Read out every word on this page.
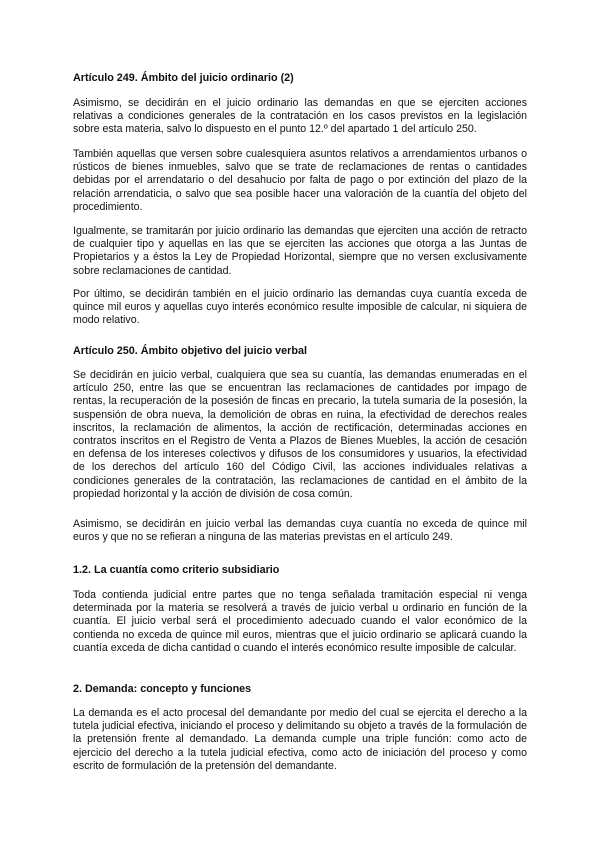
Artículo 249. Ámbito del juicio ordinario (2)

Asimismo, se decidirán en el juicio ordinario las demandas en que se ejerciten acciones relativas a condiciones generales de la contratación en los casos previstos en la legislación sobre esta materia, salvo lo dispuesto en el punto 12.º del apartado 1 del artículo 250.

También aquellas que versen sobre cualesquiera asuntos relativos a arrendamientos urbanos o rústicos de bienes inmuebles, salvo que se trate de reclamaciones de rentas o cantidades debidas por el arrendatario o del desahucio por falta de pago o por extinción del plazo de la relación arrendaticia, o salvo que sea posible hacer una valoración de la cuantía del objeto del procedimiento.

Igualmente, se tramitarán por juicio ordinario las demandas que ejerciten una acción de retracto de cualquier tipo y aquellas en las que se ejerciten las acciones que otorga a las Juntas de Propietarios y a éstos la Ley de Propiedad Horizontal, siempre que no versen exclusivamente sobre reclamaciones de cantidad.

Por último, se decidirán también en el juicio ordinario las demandas cuya cuantía exceda de quince mil euros y aquellas cuyo interés económico resulte imposible de calcular, ni siquiera de modo relativo.

Artículo 250. Ámbito objetivo del juicio verbal

Se decidirán en juicio verbal, cualquiera que sea su cuantía, las demandas enumeradas en el artículo 250, entre las que se encuentran las reclamaciones de cantidades por impago de rentas, la recuperación de la posesión de fincas en precario, la tutela sumaria de la posesión, la suspensión de obra nueva, la demolición de obras en ruina, la efectividad de derechos reales inscritos, la reclamación de alimentos, la acción de rectificación, determinadas acciones en contratos inscritos en el Registro de Venta a Plazos de Bienes Muebles, la acción de cesación en defensa de los intereses colectivos y difusos de los consumidores y usuarios, la efectividad de los derechos del artículo 160 del Código Civil, las acciones individuales relativas a condiciones generales de la contratación, las reclamaciones de cantidad en el ámbito de la propiedad horizontal y la acción de división de cosa común.

Asimismo, se decidirán en juicio verbal las demandas cuya cuantía no exceda de quince mil euros y que no se refieran a ninguna de las materias previstas en el artículo 249.

1.2. La cuantía como criterio subsidiario

Toda contienda judicial entre partes que no tenga señalada tramitación especial ni venga determinada por la materia se resolverá a través de juicio verbal u ordinario en función de la cuantía. El juicio verbal será el procedimiento adecuado cuando el valor económico de la contienda no exceda de quince mil euros, mientras que el juicio ordinario se aplicará cuando la cuantía exceda de dicha cantidad o cuando el interés económico resulte imposible de calcular.

2. Demanda: concepto y funciones

La demanda es el acto procesal del demandante por medio del cual se ejercita el derecho a la tutela judicial efectiva, iniciando el proceso y delimitando su objeto a través de la formulación de la pretensión frente al demandado. La demanda cumple una triple función: como acto de ejercicio del derecho a la tutela judicial efectiva, como acto de iniciación del proceso y como escrito de formulación de la pretensión del demandante.
